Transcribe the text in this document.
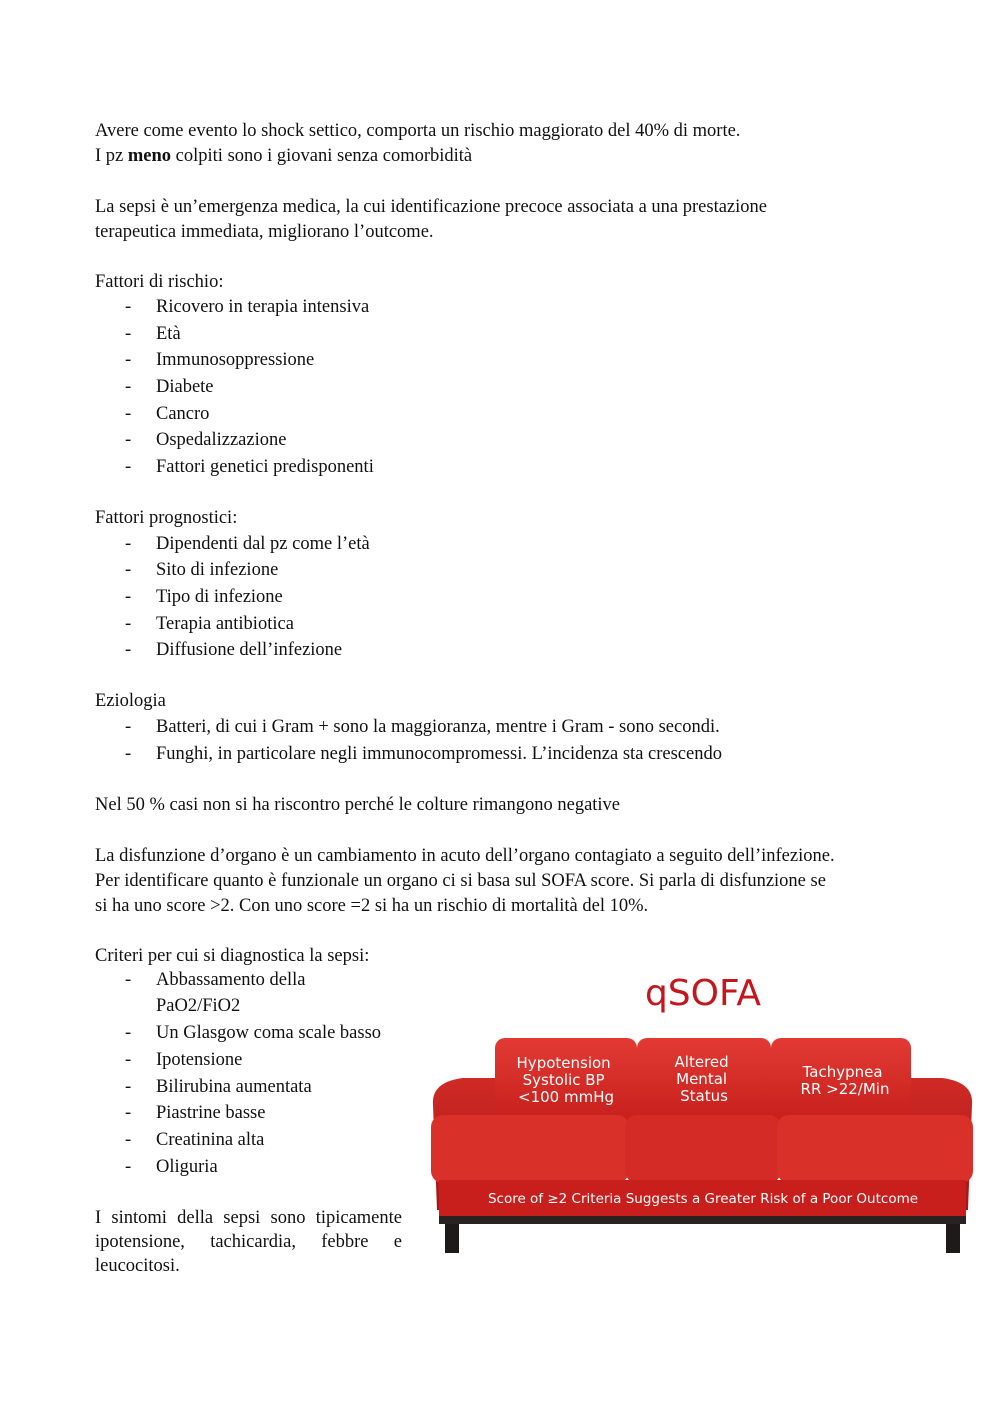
Avere come evento lo shock settico, comporta un rischio maggiorato del 40% di morte.
I pz meno colpiti sono i giovani senza comorbidità
La sepsi è un’emergenza medica, la cui identificazione precoce associata a una prestazione
terapeutica immediata, migliorano l’outcome.
Fattori di rischio:
- Ricovero in terapia intensiva
- Età
- Immunosoppressione
- Diabete
- Cancro
- Ospedalizzazione
- Fattori genetici predisponenti
Fattori prognostici:
- Dipendenti dal pz come l’età
- Sito di infezione
- Tipo di infezione
- Terapia antibiotica
- Diffusione dell’infezione
Eziologia
- Batteri, di cui i Gram + sono la maggioranza, mentre i Gram - sono secondi.
- Funghi, in particolare negli immunocompromessi. L’incidenza sta crescendo
Nel 50 % casi non si ha riscontro perché le colture rimangono negative
La disfunzione d’organo è un cambiamento in acuto dell’organo contagiato a seguito dell’infezione.
Per identificare quanto è funzionale un organo ci si basa sul SOFA score. Si parla di disfunzione se
si ha uno score >2. Con uno score =2 si ha un rischio di mortalità del 10%.
Criteri per cui si diagnostica la sepsi:
- Abbassamento della
PaO2/FiO2
- Un Glasgow coma scale basso
- Ipotensione
- Bilirubina aumentata
- Piastrine basse
- Creatinina alta
- Oliguria
I sintomi della sepsi sono tipicamente ipotensione, tachicardia, febbre e leucocitosi.
qSOFA
Hypotension Systolic BP <100 mmHg
Altered Mental Status
Tachypnea RR >22/Min
Score of ≥2 Criteria Suggests a Greater Risk of a Poor Outcome
